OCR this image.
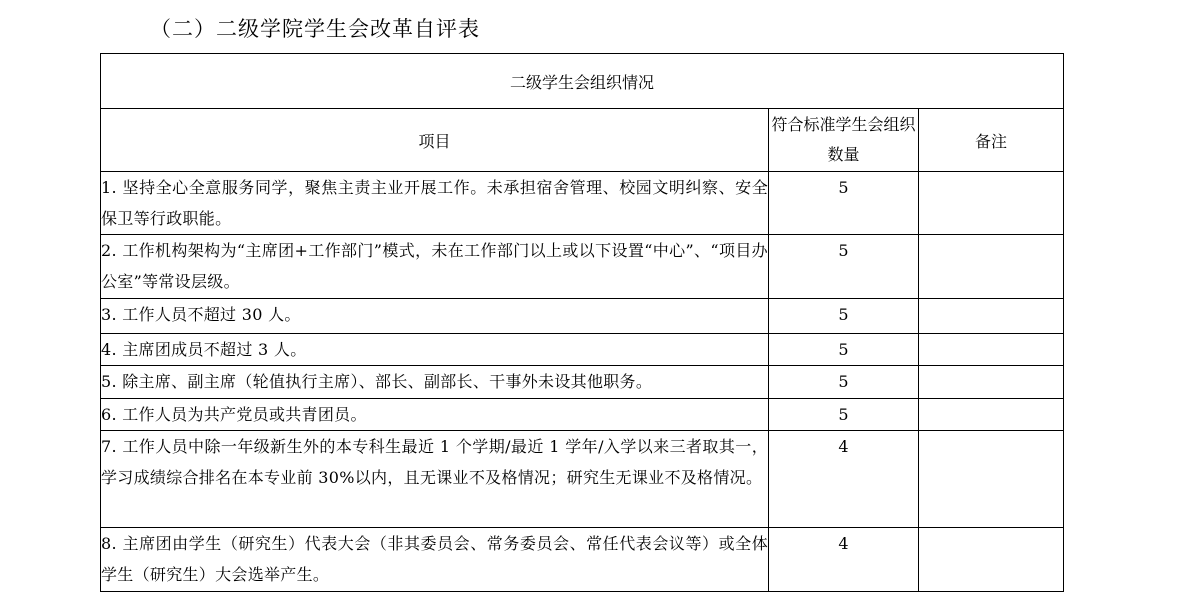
（二）二级学院学生会改革自评表
二级学生会组织情况		
项目	符合标准学生会组织数量	备注
1. 坚持全心全意服务同学，聚焦主责主业开展工作。未承担宿舍管理、校园文明纠察、安全保卫等行政职能。	5	
2. 工作机构架构为“主席团+工作部门”模式，未在工作部门以上或以下设置“中心”、“项目办公室”等常设层级。	5	
3. 工作人员不超过 30 人。	5	
4. 主席团成员不超过 3 人。	5	
5. 除主席、副主席（轮值执行主席）、部长、副部长、干事外未设其他职务。	5	
6. 工作人员为共产党员或共青团员。	5	
7. 工作人员中除一年级新生外的本专科生最近 1 个学期/最近 1 学年/入学以来三者取其一，学习成绩综合排名在本专业前 30%以内，且无课业不及格情况；研究生无课业不及格情况。	4	
8. 主席团由学生（研究生）代表大会（非其委员会、常务委员会、常任代表会议等）或全体学生（研究生）大会选举产生。	4	
